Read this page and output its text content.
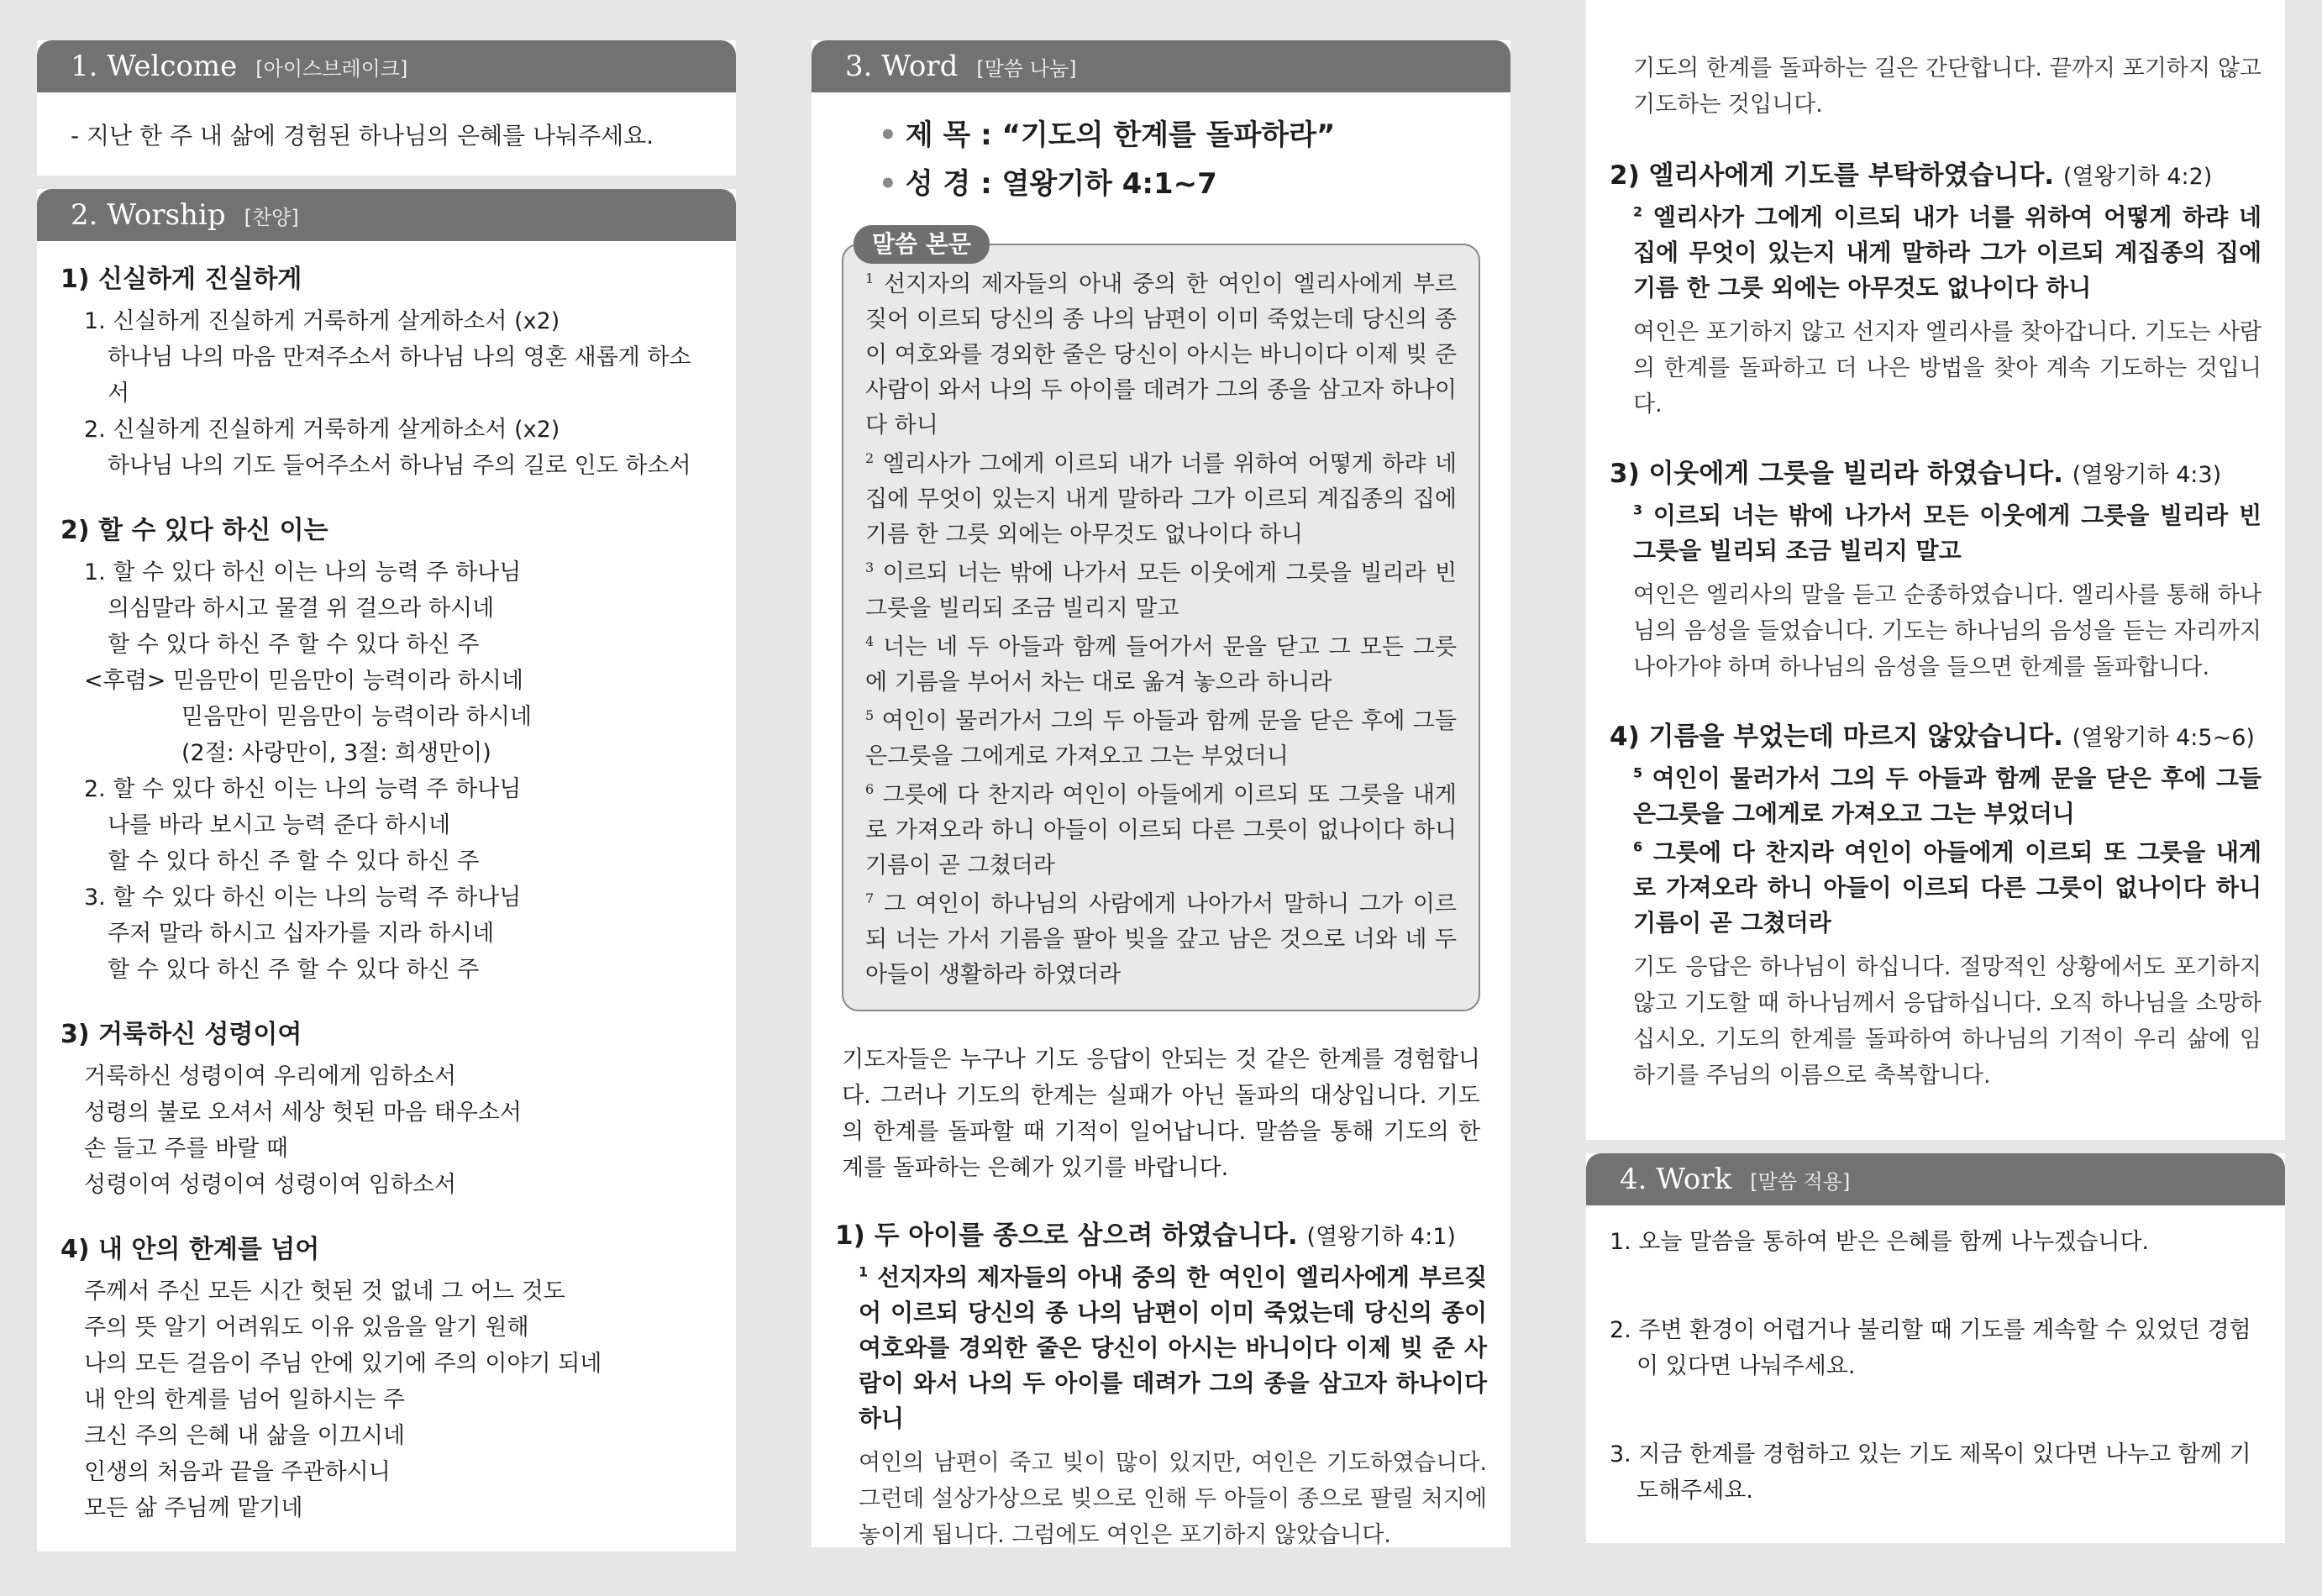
1. Welcome [아이스브레이크]
- 지난 한 주 내 삶에 경험된 하나님의 은혜를 나눠주세요.
2. Worship [찬양]
1) 신실하게 진실하게
1. 신실하게 진실하게 거룩하게 살게하소서 (x2)
하나님 나의 마음 만져주소서 하나님 나의 영혼 새롭게 하소서
2. 신실하게 진실하게 거룩하게 살게하소서 (x2)
하나님 나의 기도 들어주소서 하나님 주의 길로 인도 하소서
2) 할 수 있다 하신 이는
1. 할 수 있다 하신 이는 나의 능력 주 하나님
의심말라 하시고 물결 위 걸으라 하시네
할 수 있다 하신 주 할 수 있다 하신 주
<후렴> 믿음만이 믿음만이 능력이라 하시네
믿음만이 믿음만이 능력이라 하시네
(2절: 사랑만이, 3절: 희생만이)
2. 할 수 있다 하신 이는 나의 능력 주 하나님
나를 바라 보시고 능력 준다 하시네
할 수 있다 하신 주 할 수 있다 하신 주
3. 할 수 있다 하신 이는 나의 능력 주 하나님
주저 말라 하시고 십자가를 지라 하시네
할 수 있다 하신 주 할 수 있다 하신 주
3) 거룩하신 성령이여
거룩하신 성령이여 우리에게 임하소서
성령의 불로 오셔서 세상 헛된 마음 태우소서
손 들고 주를 바랄 때
성령이여 성령이여 성령이여 임하소서
4) 내 안의 한계를 넘어
주께서 주신 모든 시간 헛된 것 없네 그 어느 것도
주의 뜻 알기 어려워도 이유 있음을 알기 원해
나의 모든 걸음이 주님 안에 있기에 주의 이야기 되네
내 안의 한계를 넘어 일하시는 주
크신 주의 은혜 내 삶을 이끄시네
인생의 처음과 끝을 주관하시니
모든 삶 주님께 맡기네
3. Word [말씀 나눔]
• 제 목 : “기도의 한계를 돌파하라”
• 성 경 : 열왕기하 4:1~7
말씀 본문

$^1$ 선지자의 제자들의 아내 중의 한 여인이 엘리사에게 부르짖어 이르되 당신의 종 나의 남편이 이미 죽었는데 당신의 종이 여호와를 경외한 줄은 당신이 아시는 바니이다 이제 빚 준 사람이 와서 나의 두 아이를 데려가 그의 종을 삼고자 하나이다 하니

$^2$ 엘리사가 그에게 이르되 내가 너를 위하여 어떻게 하랴 네 집에 무엇이 있는지 내게 말하라 그가 이르되 계집종의 집에 기름 한 그릇 외에는 아무것도 없나이다 하니

$^3$ 이르되 너는 밖에 나가서 모든 이웃에게 그릇을 빌리라 빈 그릇을 빌리되 조금 빌리지 말고

$^4$ 너는 네 두 아들과 함께 들어가서 문을 닫고 그 모든 그릇에 기름을 부어서 차는 대로 옮겨 놓으라 하니라

$^5$ 여인이 물러가서 그의 두 아들과 함께 문을 닫은 후에 그들은그릇을 그에게로 가져오고 그는 부었더니

$^6$ 그릇에 다 찬지라 여인이 아들에게 이르되 또 그릇을 내게로 가져오라 하니 아들이 이르되 다른 그릇이 없나이다 하니 기름이 곧 그쳤더라

$^7$ 그 여인이 하나님의 사람에게 나아가서 말하니 그가 이르되 너는 가서 기름을 팔아 빚을 갚고 남은 것으로 너와 네 두 아들이 생활하라 하였더라

기도자들은 누구나 기도 응답이 안되는 것 같은 한계를 경험합니다. 그러나 기도의 한계는 실패가 아닌 돌파의 대상입니다. 기도의 한계를 돌파할 때 기적이 일어납니다. 말씀을 통해 기도의 한계를 돌파하는 은혜가 있기를 바랍니다.

1) 두 아이를 종으로 삼으려 하였습니다. (열왕기하 4:1)
$^1$ 선지자의 제자들의 아내 중의 한 여인이 엘리사에게 부르짖어 이르되 당신의 종 나의 남편이 이미 죽었는데 당신의 종이 여호와를 경외한 줄은 당신이 아시는 바니이다 이제 빚 준 사람이 와서 나의 두 아이를 데려가 그의 종을 삼고자 하나이다 하니

여인의 남편이 죽고 빚이 많이 있지만, 여인은 기도하였습니다. 그런데 설상가상으로 빚으로 인해 두 아들이 종으로 팔릴 처지에 놓이게 됩니다. 그럼에도 여인은 포기하지 않았습니다.

기도의 한계를 돌파하는 길은 간단합니다. 끝까지 포기하지 않고 기도하는 것입니다.

2) 엘리사에게 기도를 부탁하였습니다. (열왕기하 4:2)
$^2$ 엘리사가 그에게 이르되 내가 너를 위하여 어떻게 하랴 네 집에 무엇이 있는지 내게 말하라 그가 이르되 계집종의 집에 기름 한 그릇 외에는 아무것도 없나이다 하니

여인은 포기하지 않고 선지자 엘리사를 찾아갑니다. 기도는 사람의 한계를 돌파하고 더 나은 방법을 찾아 계속 기도하는 것입니다.

3) 이웃에게 그릇을 빌리라 하였습니다. (열왕기하 4:3)
$^3$ 이르되 너는 밖에 나가서 모든 이웃에게 그릇을 빌리라 빈 그릇을 빌리되 조금 빌리지 말고

여인은 엘리사의 말을 듣고 순종하였습니다. 엘리사를 통해 하나님의 음성을 들었습니다. 기도는 하나님의 음성을 듣는 자리까지 나아가야 하며 하나님의 음성을 들으면 한계를 돌파합니다.

4) 기름을 부었는데 마르지 않았습니다. (열왕기하 4:5~6)
$^5$ 여인이 물러가서 그의 두 아들과 함께 문을 닫은 후에 그들은그릇을 그에게로 가져오고 그는 부었더니
$^6$ 그릇에 다 찬지라 여인이 아들에게 이르되 또 그릇을 내게로 가져오라 하니 아들이 이르되 다른 그릇이 없나이다 하니 기름이 곧 그쳤더라

기도 응답은 하나님이 하십니다. 절망적인 상황에서도 포기하지 않고 기도할 때 하나님께서 응답하십니다. 오직 하나님을 소망하십시오. 기도의 한계를 돌파하여 하나님의 기적이 우리 삶에 임하기를 주님의 이름으로 축복합니다.

4. Work [말씀 적용]

1. 오늘 말씀을 통하여 받은 은혜를 함께 나누겠습니다.

2. 주변 환경이 어렵거나 불리할 때 기도를 계속할 수 있었던 경험이 있다면 나눠주세요.

3. 지금 한계를 경험하고 있는 기도 제목이 있다면 나누고 함께 기도해주세요.
